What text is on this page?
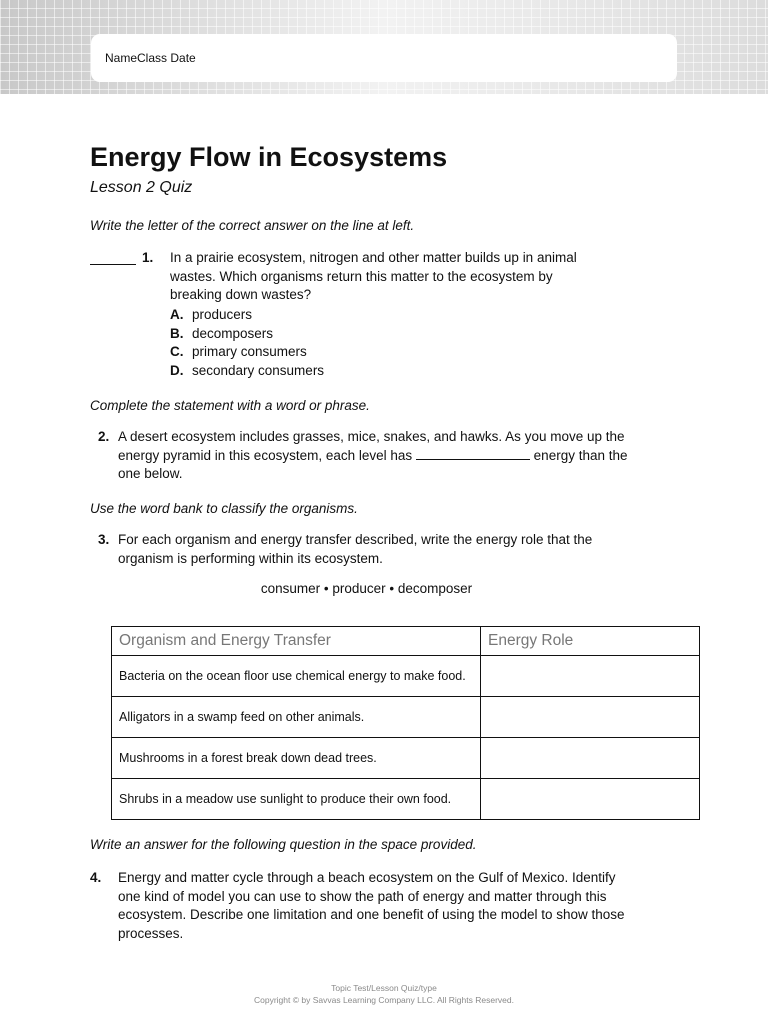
NameClass Date
Energy Flow in Ecosystems
Lesson 2 Quiz
Write the letter of the correct answer on the line at left.
1. In a prairie ecosystem, nitrogen and other matter builds up in animal
wastes. Which organisms return this matter to the ecosystem by
breaking down wastes?
A. producers
B. decomposers
C. primary consumers
D. secondary consumers
Complete the statement with a word or phrase.
2. A desert ecosystem includes grasses, mice, snakes, and hawks. As you move up the
energy pyramid in this ecosystem, each level has	energy than the
one below.
Use the word bank to classify the organisms.
3. For each organism and energy transfer described, write the energy role that the
organism is performing within its ecosystem.
consumer • producer • decomposer
Organism and Energy Transfer	Energy Role
Bacteria on the ocean floor use chemical energy to make food.	
Alligators in a swamp feed on other animals.	
Mushrooms in a forest break down dead trees.	
Shrubs in a meadow use sunlight to produce their own food.	
Write an answer for the following question in the space provided.
4. Energy and matter cycle through a beach ecosystem on the Gulf of Mexico. Identify
one kind of model you can use to show the path of energy and matter through this
ecosystem. Describe one limitation and one benefit of using the model to show those
processes.
Topic Test/Lesson Quiz/type
Copyright © by Savvas Learning Company LLC. All Rights Reserved.
